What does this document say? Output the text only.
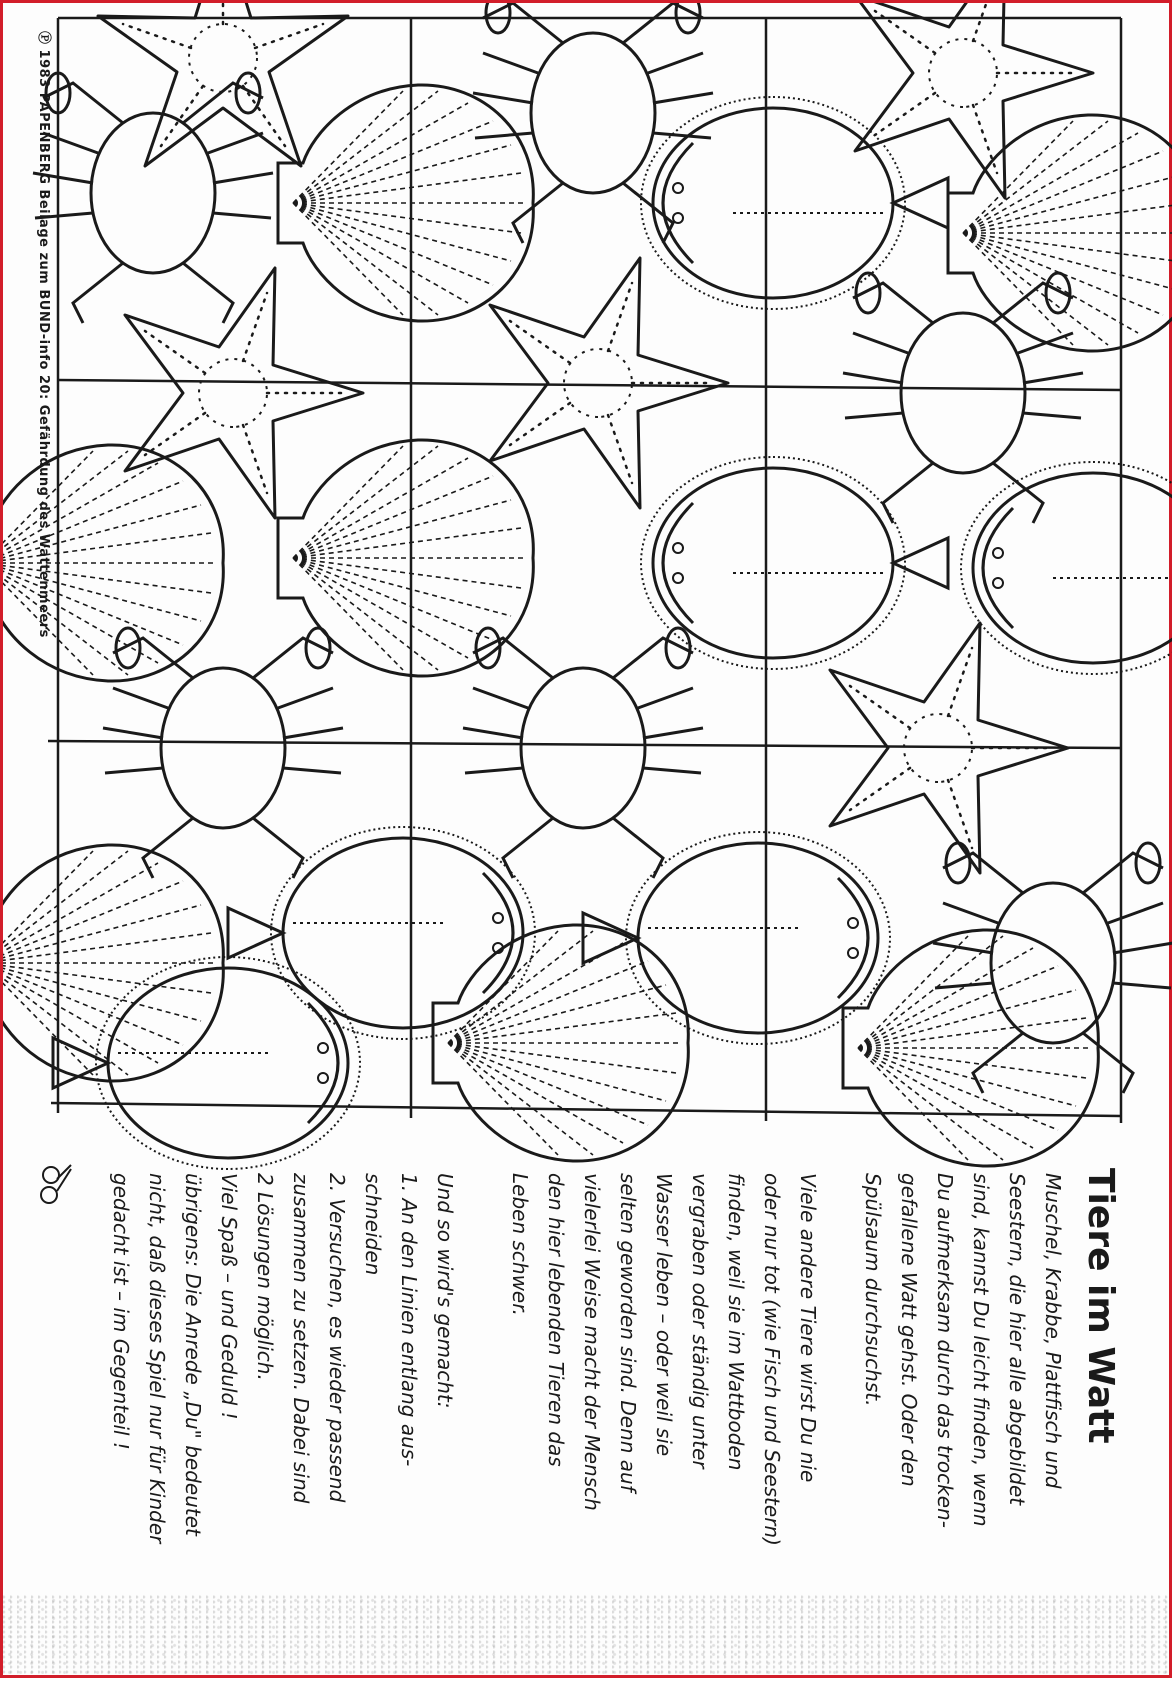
Ⓟ 1983 PAPENBERG Beilage zum BUND-info 20: Gefährdung des Wattenmeers
Tiere im Watt
Muschel, Krabbe, Plattfisch und
Seestern, die hier alle abgebildet
sind, kannst Du leicht finden, wenn
Du aufmerksam durch das trocken-
gefallene Watt gehst. Oder den
Spülsaum durchsuchst.
Viele andere Tiere wirst Du nie
oder nur tot (wie Fisch und Seestern)
finden, weil sie im Wattboden
vergraben oder ständig unter
Wasser leben – oder weil sie
selten geworden sind. Denn auf
vielerlei Weise macht der Mensch
den hier lebenden Tieren das
Leben schwer.
Und so wird's gemacht:
1. An den Linien entlang aus-
schneiden
2. Versuchen, es wieder passend
zusammen zu setzen. Dabei sind
2 Lösungen möglich.
Viel Spaß – und Geduld !
übrigens: Die Anrede „Du" bedeutet
nicht, daß dieses Spiel nur für Kinder
gedacht ist – im Gegenteil !
